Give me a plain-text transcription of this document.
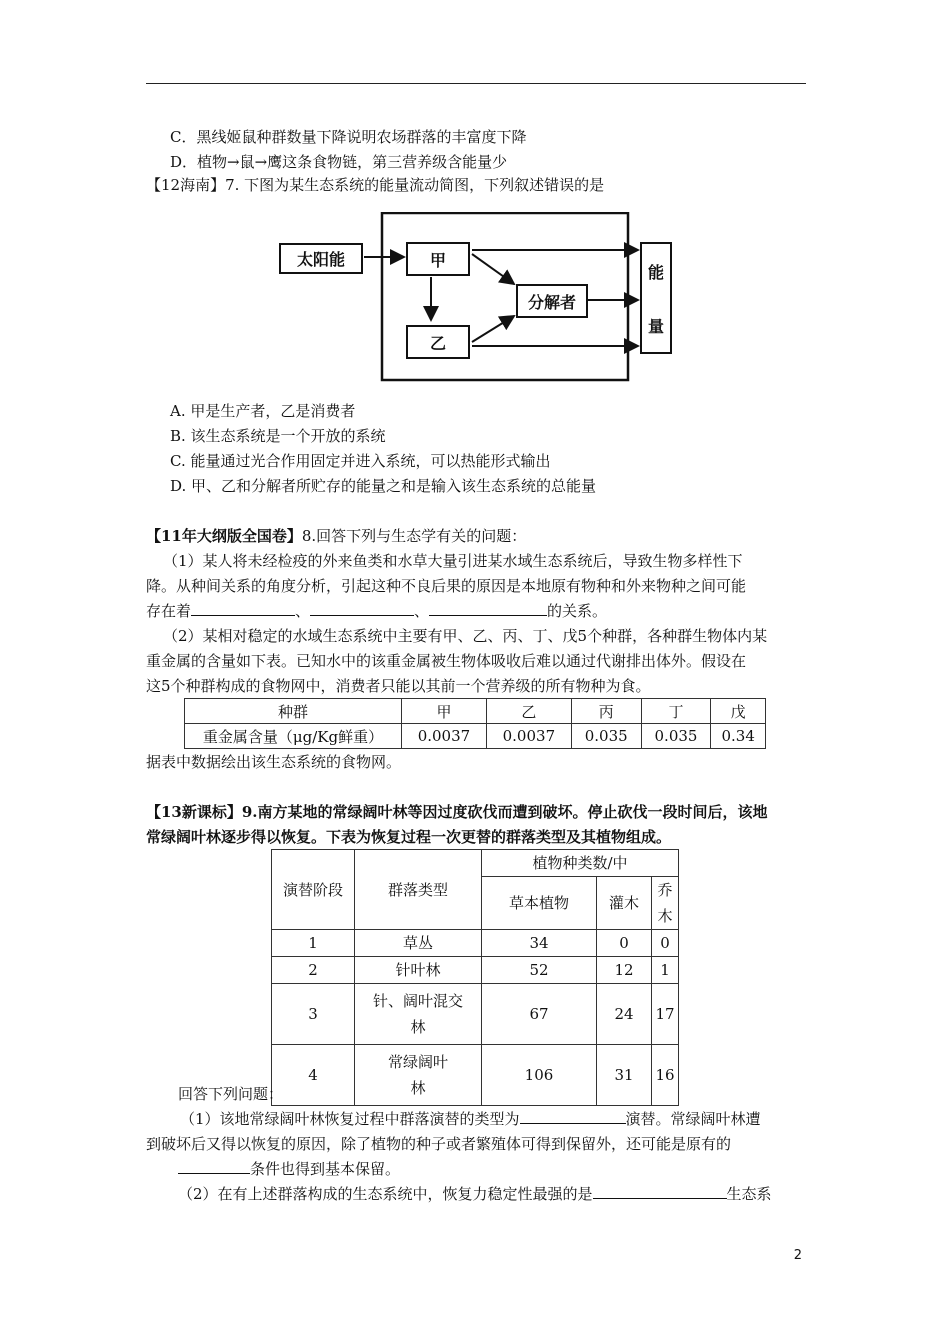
C．黑线姬鼠种群数量下降说明农场群落的丰富度下降
D．植物→鼠→鹰这条食物链，第三营养级含能量少
【12海南】7. 下图为某生态系统的能量流动简图，下列叙述错误的是
太阳能	甲
乙
分解者
能
量
A. 甲是生产者，乙是消费者
B. 该生态系统是一个开放的系统
C. 能量通过光合作用固定并进入系统，可以热能形式输出
D. 甲、乙和分解者所贮存的能量之和是输入该生态系统的总能量
【11年大纲版全国卷】8.回答下列与生态学有关的问题：
（1）某人将未经检疫的外来鱼类和水草大量引进某水域生态系统后，导致生物多样性下
降。从种间关系的角度分析，引起这种不良后果的原因是本地原有物种和外来物种之间可能
存在着	、	、	的关系。
（2）某相对稳定的水域生态系统中主要有甲、乙、丙、丁、戊5个种群，各种群生物体内某
重金属的含量如下表。已知水中的该重金属被生物体吸收后难以通过代谢排出体外。假设在
这5个种群构成的食物网中，消费者只能以其前一个营养级的所有物种为食。
种群	甲	乙	丙	丁	戊
重金属含量（μg/Kg鲜重）	0.0037	0.0037	0.035	0.035	0.34
据表中数据绘出该生态系统的食物网。
【13新课标】9.南方某地的常绿阔叶林等因过度砍伐而遭到破坏。停止砍伐一段时间后，该地
常绿阔叶林逐步得以恢复。下表为恢复过程一次更替的群落类型及其植物组成。
演替阶段	群落类型	植物种类数/中		
		草本植物	灌木	乔木
1	草丛	34	0	0
2	针叶林	52	12	1
3	针、阔叶混交林	67	24	17
4	常绿阔叶林	106	31	16
回答下列问题：
（1）该地常绿阔叶林恢复过程中群落演替的类型为	演替。常绿阔叶林遭
到破坏后又得以恢复的原因，除了植物的种子或者繁殖体可得到保留外，还可能是原有的
条件也得到基本保留。
（2）在有上述群落构成的生态系统中，恢复力稳定性最强的是	生态系
2
